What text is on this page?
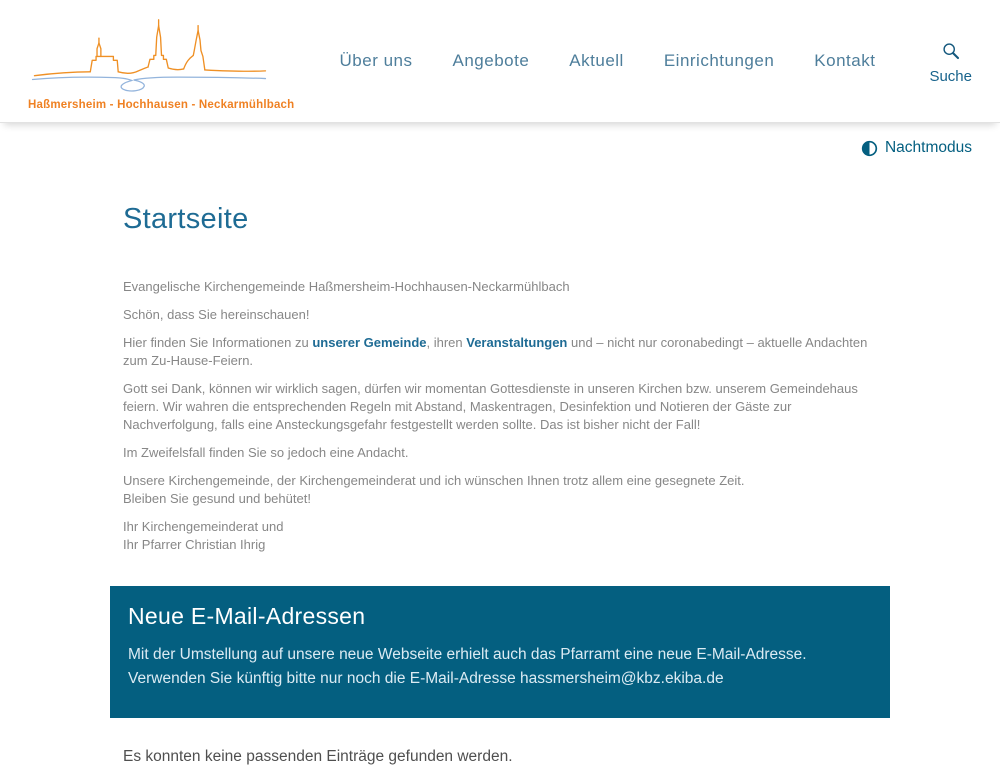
Haßmersheim - Hochhausen - Neckarmühlbach
Über uns Angebote Aktuell Einrichtungen Kontakt
Suche
Nachtmodus
Startseite

Evangelische Kirchengemeinde Haßmersheim-Hochhausen-Neckarmühlbach

Schön, dass Sie hereinschauen!

Hier finden Sie Informationen zu unserer Gemeinde, ihren Veranstaltungen und – nicht nur coronabedingt – aktuelle Andachten zum Zu-Hause-Feiern.

Gott sei Dank, können wir wirklich sagen, dürfen wir momentan Gottesdienste in unseren Kirchen bzw. unserem Gemeindehaus feiern. Wir wahren die entsprechenden Regeln mit Abstand, Maskentragen, Desinfektion und Notieren der Gäste zur Nachverfolgung, falls eine Ansteckungsgefahr festgestellt werden sollte. Das ist bisher nicht der Fall!

Im Zweifelsfall finden Sie so jedoch eine Andacht.

Unsere Kirchengemeinde, der Kirchengemeinderat und ich wünschen Ihnen trotz allem eine gesegnete Zeit.
Bleiben Sie gesund und behütet!

Ihr Kirchengemeinderat und
Ihr Pfarrer Christian Ihrig

Neue E-Mail-Adressen

Mit der Umstellung auf unsere neue Webseite erhielt auch das Pfarramt eine neue E-Mail-Adresse.
Verwenden Sie künftig bitte nur noch die E-Mail-Adresse hassmersheim@kbz.ekiba.de

Es konnten keine passenden Einträge gefunden werden.
